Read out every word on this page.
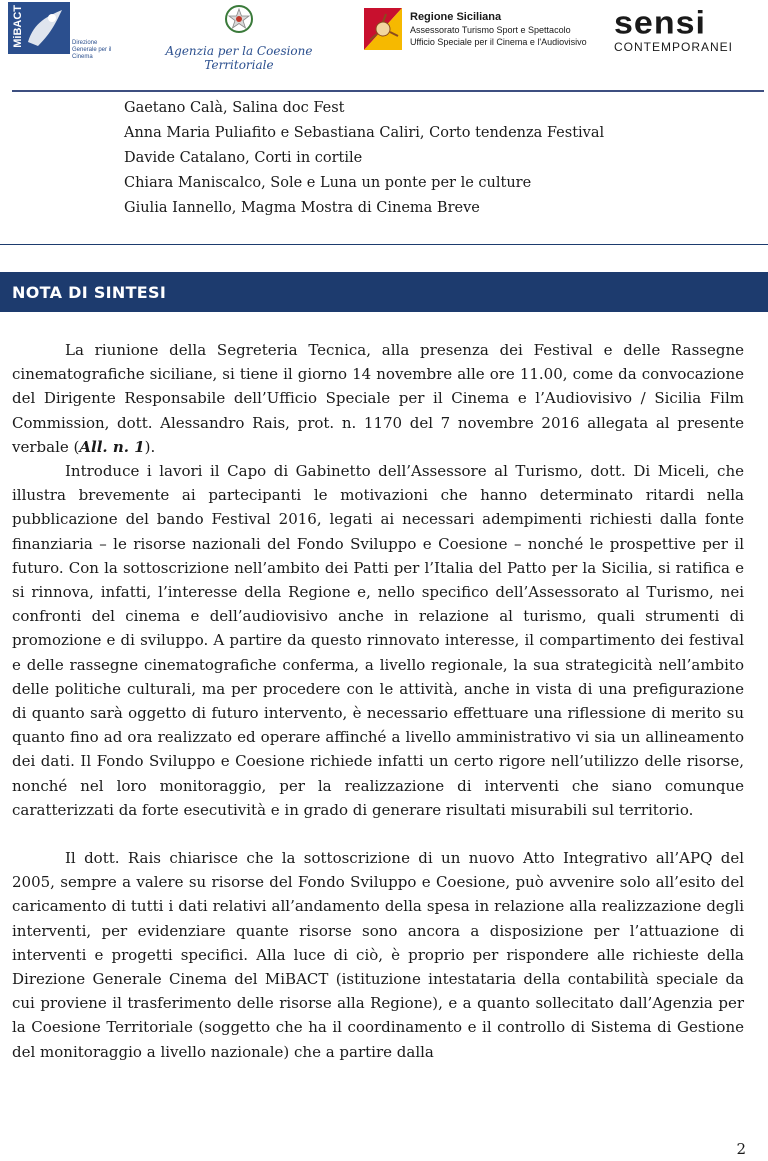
MiBACT	Direzione Generale per il Cinema	Agenzia per la Coesione Territoriale
Regione Siciliana
Assessorato Turismo Sport e Spettacolo
Ufficio Speciale per il Cinema e l'Audiovisivo
sensi
CONTEMPORANEI
Gaetano Calà, Salina doc Fest
Anna Maria Puliafito e Sebastiana Caliri, Corto tendenza Festival
Davide Catalano, Corti in cortile
Chiara Maniscalco, Sole e Luna un ponte per le culture
Giulia Iannello, Magma Mostra di Cinema Breve
NOTA DI SINTESI

La riunione della Segreteria Tecnica, alla presenza dei Festival e delle Rassegne cinematografiche siciliane, si tiene il giorno 14 novembre alle ore 11.00, come da convocazione del Dirigente Responsabile dell’Ufficio Speciale per il Cinema e l’Audiovisivo / Sicilia Film Commission, dott. Alessandro Rais, prot. n. 1170 del 7 novembre 2016 allegata al presente verbale (All. n. 1).

Introduce i lavori il Capo di Gabinetto dell’Assessore al Turismo, dott. Di Miceli, che illustra brevemente ai partecipanti le motivazioni che hanno determinato ritardi nella pubblicazione del bando Festival 2016, legati ai necessari adempimenti richiesti dalla fonte finanziaria – le risorse nazionali del Fondo Sviluppo e Coesione – nonché le prospettive per il futuro. Con la sottoscrizione nell’ambito dei Patti per l’Italia del Patto per la Sicilia, si ratifica e si rinnova, infatti, l’interesse della Regione e, nello specifico dell’Assessorato al Turismo, nei confronti del cinema e dell’audiovisivo anche in relazione al turismo, quali strumenti di promozione e di sviluppo. A partire da questo rinnovato interesse, il compartimento dei festival e delle rassegne cinematografiche conferma, a livello regionale, la sua strategicità nell’ambito delle politiche culturali, ma per procedere con le attività, anche in vista di una prefigurazione di quanto sarà oggetto di futuro intervento, è necessario effettuare una riflessione di merito su quanto fino ad ora realizzato ed operare affinché a livello amministrativo vi sia un allineamento dei dati. Il Fondo Sviluppo e Coesione richiede infatti un certo rigore nell’utilizzo delle risorse, nonché nel loro monitoraggio, per la realizzazione di interventi che siano comunque caratterizzati da forte esecutività e in grado di generare risultati misurabili sul territorio.

Il dott. Rais chiarisce che la sottoscrizione di un nuovo Atto Integrativo all’APQ del 2005, sempre a valere su risorse del Fondo Sviluppo e Coesione, può avvenire solo all’esito del caricamento di tutti i dati relativi all’andamento della spesa in relazione alla realizzazione degli interventi, per evidenziare quante risorse sono ancora a disposizione per l’attuazione di interventi e progetti specifici. Alla luce di ciò, è proprio per rispondere alle richieste della Direzione Generale Cinema del MiBACT (istituzione intestataria della contabilità speciale da cui proviene il trasferimento delle risorse alla Regione), e a quanto sollecitato dall’Agenzia per la Coesione Territoriale (soggetto che ha il coordinamento e il controllo di Sistema di Gestione del monitoraggio a livello nazionale) che a partire dalla

2
